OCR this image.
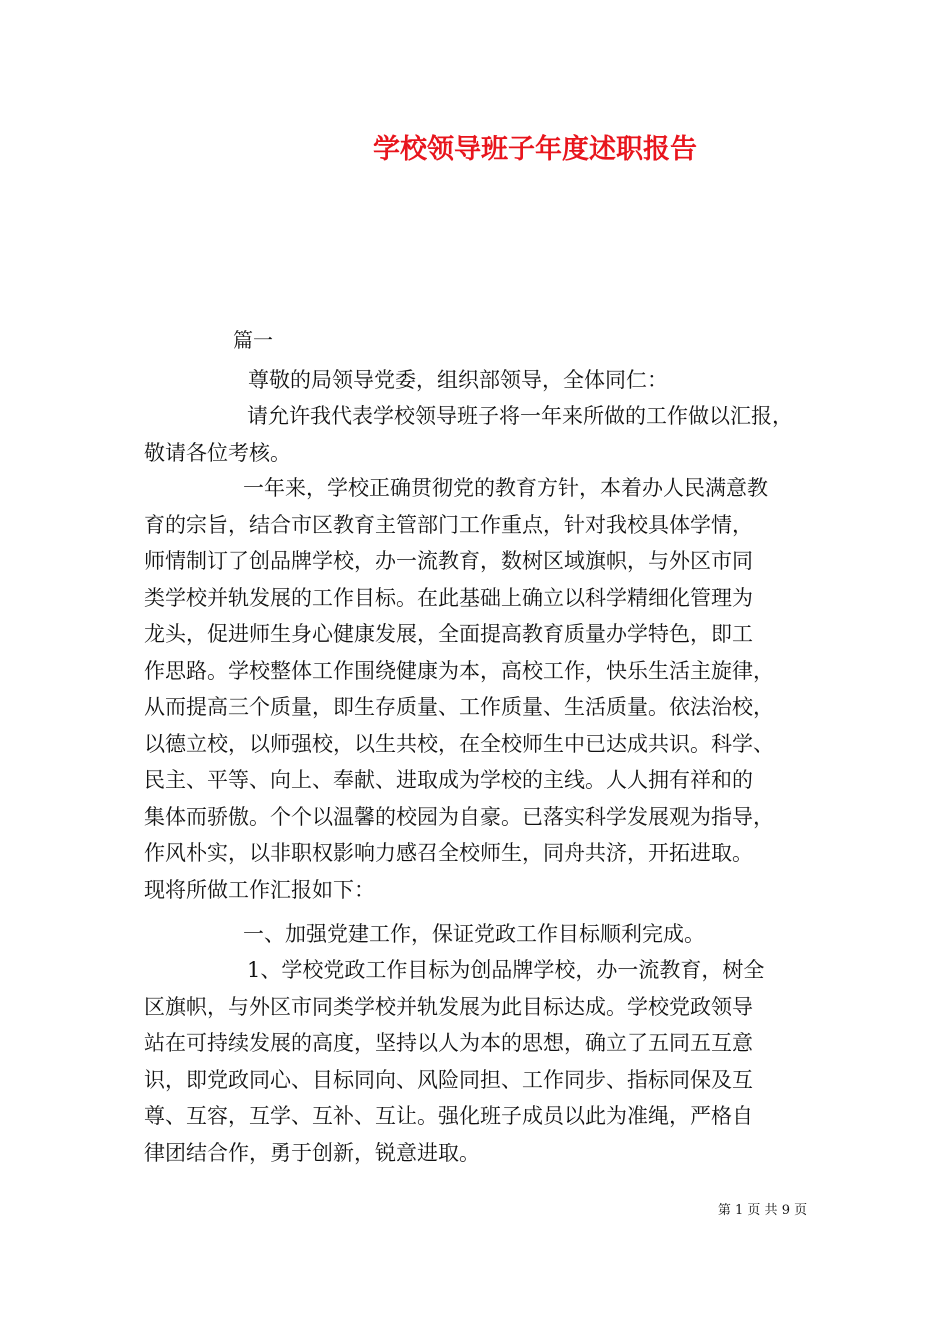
学校领导班子年度述职报告

篇一

尊敬的局领导党委，组织部领导，全体同仁：

请允许我代表学校领导班子将一年来所做的工作做以汇报，
敬请各位考核。

一年来，学校正确贯彻党的教育方针，本着办人民满意教
育的宗旨，结合市区教育主管部门工作重点，针对我校具体学情，
师情制订了创品牌学校，办一流教育，数树区域旗帜，与外区市同
类学校并轨发展的工作目标。在此基础上确立以科学精细化管理为
龙头，促进师生身心健康发展，全面提高教育质量办学特色，即工
作思路。学校整体工作围绕健康为本，高校工作，快乐生活主旋律，
从而提高三个质量，即生存质量、工作质量、生活质量。依法治校，
以德立校，以师强校，以生共校，在全校师生中已达成共识。科学、
民主、平等、向上、奉献、进取成为学校的主线。人人拥有祥和的
集体而骄傲。个个以温馨的校园为自豪。已落实科学发展观为指导，
作风朴实，以非职权影响力感召全校师生，同舟共济，开拓进取。
现将所做工作汇报如下：

一、加强党建工作，保证党政工作目标顺利完成。

1、学校党政工作目标为创品牌学校，办一流教育，树全
区旗帜，与外区市同类学校并轨发展为此目标达成。学校党政领导
站在可持续发展的高度，坚持以人为本的思想，确立了五同五互意
识，即党政同心、目标同向、风险同担、工作同步、指标同保及互
尊、互容，互学、互补、互让。强化班子成员以此为准绳，严格自
律团结合作，勇于创新，锐意进取。

第 1 页 共 9 页
